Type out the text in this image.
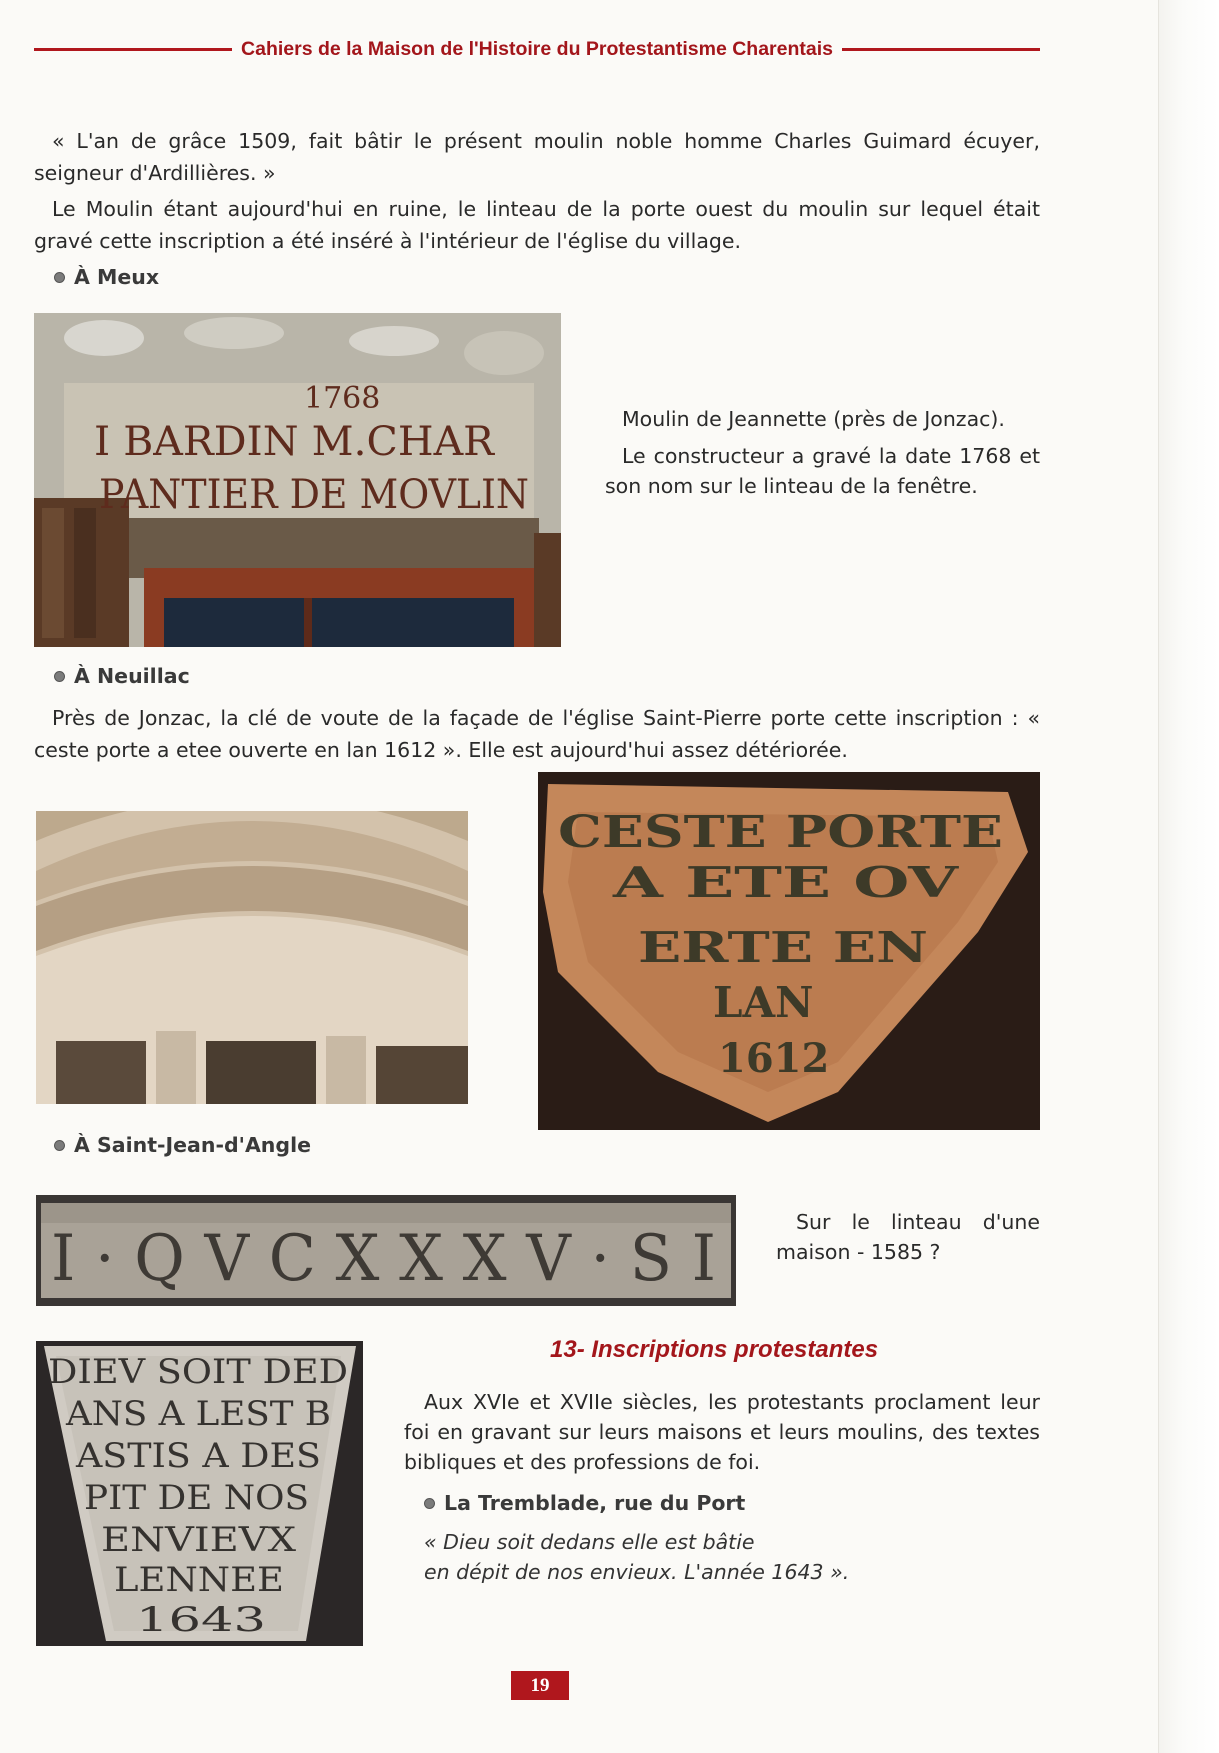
Cahiers de la Maison de l'Histoire du Protestantisme Charentais

« L'an de grâce 1509, fait bâtir le présent moulin noble homme Charles Guimard écuyer, seigneur d'Ardillières. »

Le Moulin étant aujourd'hui en ruine, le linteau de la porte ouest du moulin sur lequel était gravé cette inscription a été inséré à l'intérieur de l'église du village.

À Meux
1768
I BARDIN M.CHAR
PANTIER DE MOVLIN
Moulin de Jeannette (près de Jonzac).

Le constructeur a gravé la date 1768 et son nom sur le linteau de la fenêtre.

À Neuillac

Près de Jonzac, la clé de voute de la façade de l'église Saint-Pierre porte cette inscription : « ceste porte a etee ouverte en lan 1612 ». Elle est aujourd'hui assez détériorée.

CESTE PORTE
A ETE OV
ERTE EN
LAN
1612
À Saint-Jean-d'Angle
I · Q V C X X X V · S I	Sur le linteau d'une maison - 1585 ?

DIEV SOIT DED
ANS A LEST B
ASTIS A DES
PIT DE NOS
ENVIEVX
LENNEE
1643
13- Inscriptions protestantes

Aux XVIe et XVIIe siècles, les protestants proclament leur foi en gravant sur leurs maisons et leurs moulins, des textes bibliques et des professions de foi.

La Tremblade, rue du Port
« Dieu soit dedans elle est bâtie
en dépit de nos envieux. L'année 1643 ».
19
